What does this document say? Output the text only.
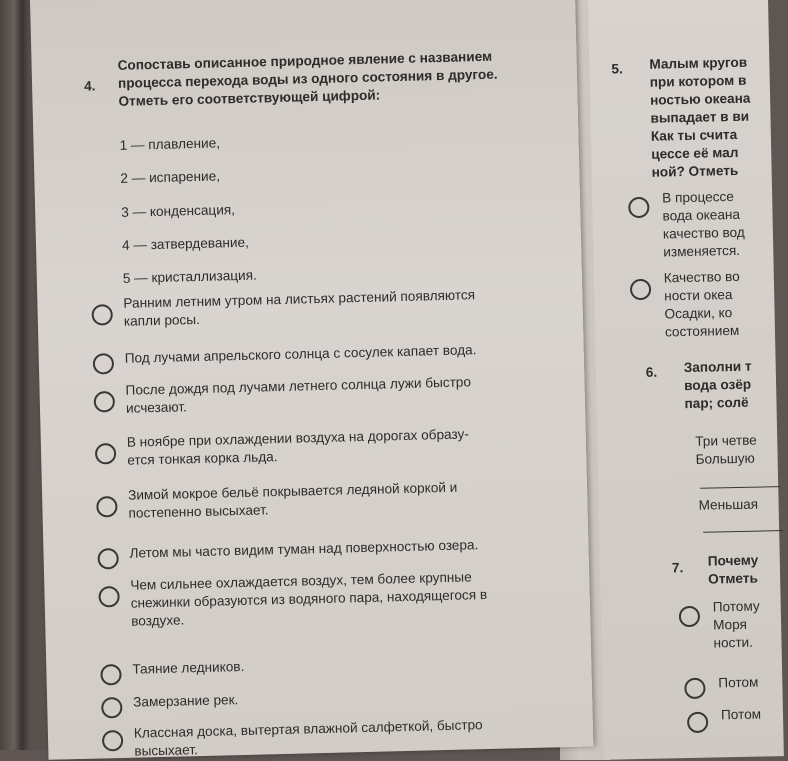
4.
Сопоставь описанное природное явление с названием
процесса перехода воды из одного состояния в другое.
Отметь его соответствующей цифрой:
1 — плавление,
2 — испарение,
3 — конденсация,
4 — затвердевание,
5 — кристаллизация.
Ранним летним утром на листьях растений появляются
капли росы.
Под лучами апрельского солнца с сосулек капает вода.
После дождя под лучами летнего солнца лужи быстро
исчезают.
В ноябре при охлаждении воздуха на дорогах образу-
ется тонкая корка льда.
Зимой мокрое бельё покрывается ледяной коркой и
постепенно высыхает.
Летом мы часто видим туман над поверхностью озера.
Чем сильнее охлаждается воздух, тем более крупные
снежинки образуются из водяного пара, находящегося в
воздухе.
Таяние ледников.
Замерзание рек.
Классная доска, вытертая влажной салфеткой, быстро
высыхает.
5. Малым кругов
при котором в
ностью океана
выпадает в ви
Как ты счита
цессе её мал
ной? Отметь
В процессе
вода океана
качество вод
изменяется.
Качество во
ности океа
Осадки, ко
состоянием
6. Заполни т
вода озёр
пар; солё
Три четве
Большую
Меньшая
7. Почему
Отметь
Потому
Моря
ности.
Потом
Потом
